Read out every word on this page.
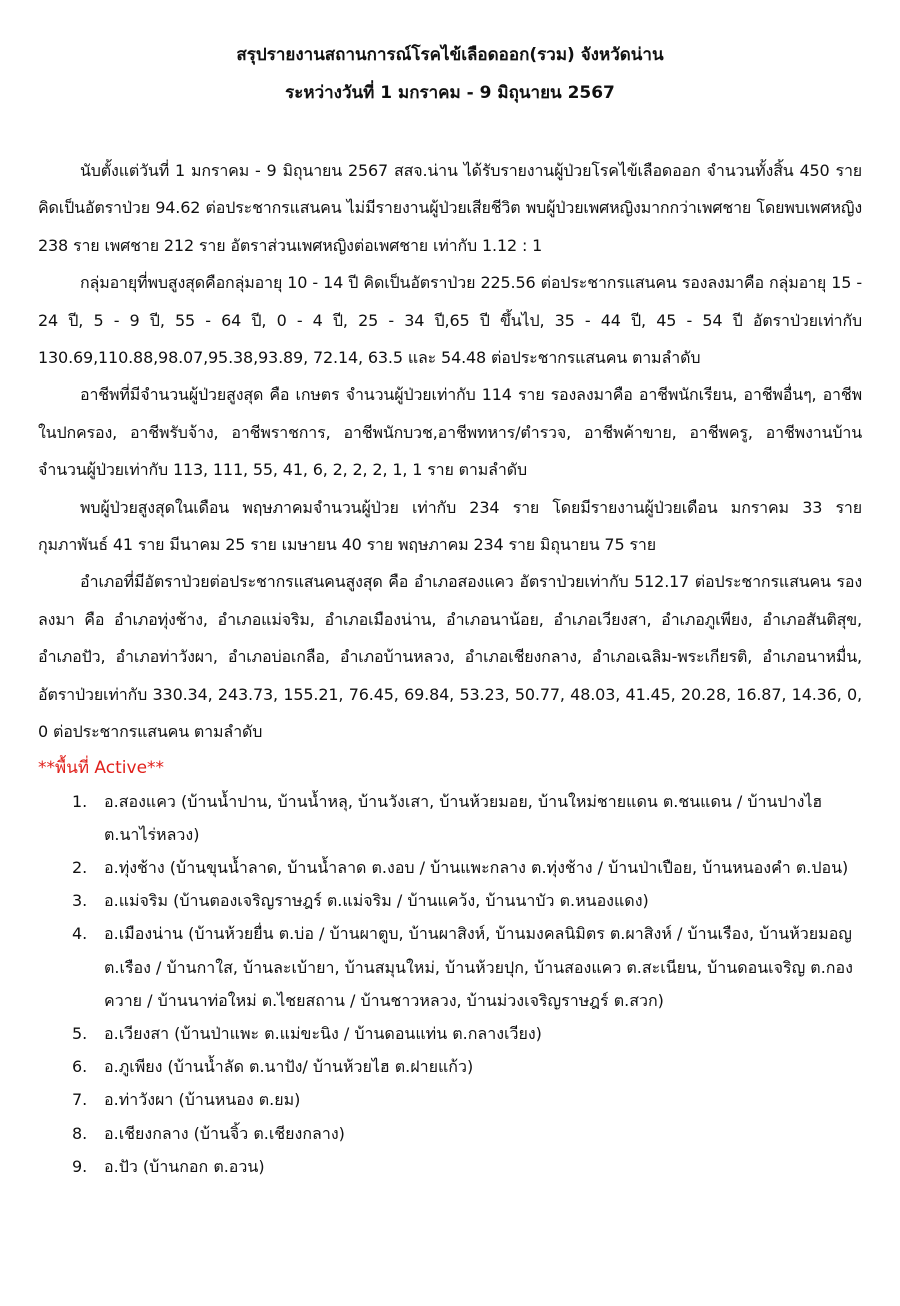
สรุปรายงานสถานการณ์โรคไข้เลือดออก(รวม) จังหวัดน่าน
ระหว่างวันที่ 1 มกราคม - 9 มิถุนายน 2567

นับตั้งแต่วันที่ 1 มกราคม - 9 มิถุนายน 2567 สสจ.น่าน ได้รับรายงานผู้ป่วยโรคไข้เลือดออก จำนวนทั้งสิ้น 450 ราย คิดเป็นอัตราป่วย 94.62 ต่อประชากรแสนคน ไม่มีรายงานผู้ป่วยเสียชีวิต พบผู้ป่วยเพศหญิงมากกว่าเพศชาย โดยพบเพศหญิง 238 ราย เพศชาย 212 ราย อัตราส่วนเพศหญิงต่อเพศชาย เท่ากับ 1.12 : 1

กลุ่มอายุที่พบสูงสุดคือกลุ่มอายุ 10 - 14 ปี คิดเป็นอัตราป่วย 225.56 ต่อประชากรแสนคน รองลงมาคือ กลุ่มอายุ 15 - 24 ปี, 5 - 9 ปี, 55 - 64 ปี, 0 - 4 ปี, 25 - 34 ปี,65 ปี ขึ้นไป, 35 - 44 ปี, 45 - 54 ปี อัตราป่วยเท่ากับ 130.69,110.88,98.07,95.38,93.89, 72.14, 63.5 และ 54.48 ต่อประชากรแสนคน ตามลำดับ

อาชีพที่มีจำนวนผู้ป่วยสูงสุด คือ เกษตร จำนวนผู้ป่วยเท่ากับ 114 ราย รองลงมาคือ อาชีพนักเรียน, อาชีพอื่นๆ, อาชีพในปกครอง, อาชีพรับจ้าง, อาชีพราชการ, อาชีพนักบวช,อาชีพทหาร/ตำรวจ, อาชีพค้าขาย, อาชีพครู, อาชีพงานบ้าน จำนวนผู้ป่วยเท่ากับ 113, 111, 55, 41, 6, 2, 2, 2, 1, 1 ราย ตามลำดับ

พบผู้ป่วยสูงสุดในเดือน พฤษภาคมจำนวนผู้ป่วย เท่ากับ 234 ราย โดยมีรายงานผู้ป่วยเดือน มกราคม 33 ราย กุมภาพันธ์ 41 ราย มีนาคม 25 ราย เมษายน 40 ราย พฤษภาคม 234 ราย มิถุนายน 75 ราย

อำเภอที่มีอัตราป่วยต่อประชากรแสนคนสูงสุด คือ อำเภอสองแคว อัตราป่วยเท่ากับ 512.17 ต่อประชากรแสนคน รองลงมา คือ อำเภอทุ่งช้าง, อำเภอแม่จริม, อำเภอเมืองน่าน, อำเภอนาน้อย, อำเภอเวียงสา, อำเภอภูเพียง, อำเภอสันติสุข, อำเภอปัว, อำเภอท่าวังผา, อำเภอบ่อเกลือ, อำเภอบ้านหลวง, อำเภอเชียงกลาง, อำเภอเฉลิม-พระเกียรติ, อำเภอนาหมื่น, อัตราป่วยเท่ากับ 330.34, 243.73, 155.21, 76.45, 69.84, 53.23, 50.77, 48.03, 41.45, 20.28, 16.87, 14.36, 0, 0 ต่อประชากรแสนคน ตามลำดับ

**พื้นที่ Active**

1. อ.สองแคว (บ้านน้ำปาน, บ้านน้ำหลุ, บ้านวังเสา, บ้านห้วยมอย, บ้านใหม่ชายแดน ต.ชนแดน / บ้านปางไฮ ต.นาไร่หลวง)
2. อ.ทุ่งช้าง (บ้านขุนน้ำลาด, บ้านน้ำลาด ต.งอบ / บ้านแพะกลาง ต.ทุ่งช้าง / บ้านป่าเปือย, บ้านหนองคำ ต.ปอน)
3. อ.แม่จริม (บ้านตองเจริญราษฎร์ ต.แม่จริม / บ้านแคว้ง, บ้านนาบัว ต.หนองแดง)
4. อ.เมืองน่าน (บ้านห้วยยื่น ต.บ่อ / บ้านผาตูบ, บ้านผาสิงห์, บ้านมงคลนิมิตร ต.ผาสิงห์ / บ้านเรือง, บ้านห้วยมอญ ต.เรือง / บ้านกาใส, บ้านละเบ้ายา, บ้านสมุนใหม่, บ้านห้วยปุก, บ้านสองแคว ต.สะเนียน, บ้านดอนเจริญ ต.กองควาย / บ้านนาท่อใหม่ ต.ไชยสถาน / บ้านชาวหลวง, บ้านม่วงเจริญราษฎร์ ต.สวก)
5. อ.เวียงสา (บ้านป่าแพะ ต.แม่ขะนิง / บ้านดอนแท่น ต.กลางเวียง)
6. อ.ภูเพียง (บ้านน้ำลัด ต.นาปัง/ บ้านห้วยไฮ ต.ฝายแก้ว)
7. อ.ท่าวังผา (บ้านหนอง ต.ยม)
8. อ.เชียงกลาง (บ้านจิ้ว ต.เชียงกลาง)
9. อ.ปัว (บ้านกอก ต.อวน)
